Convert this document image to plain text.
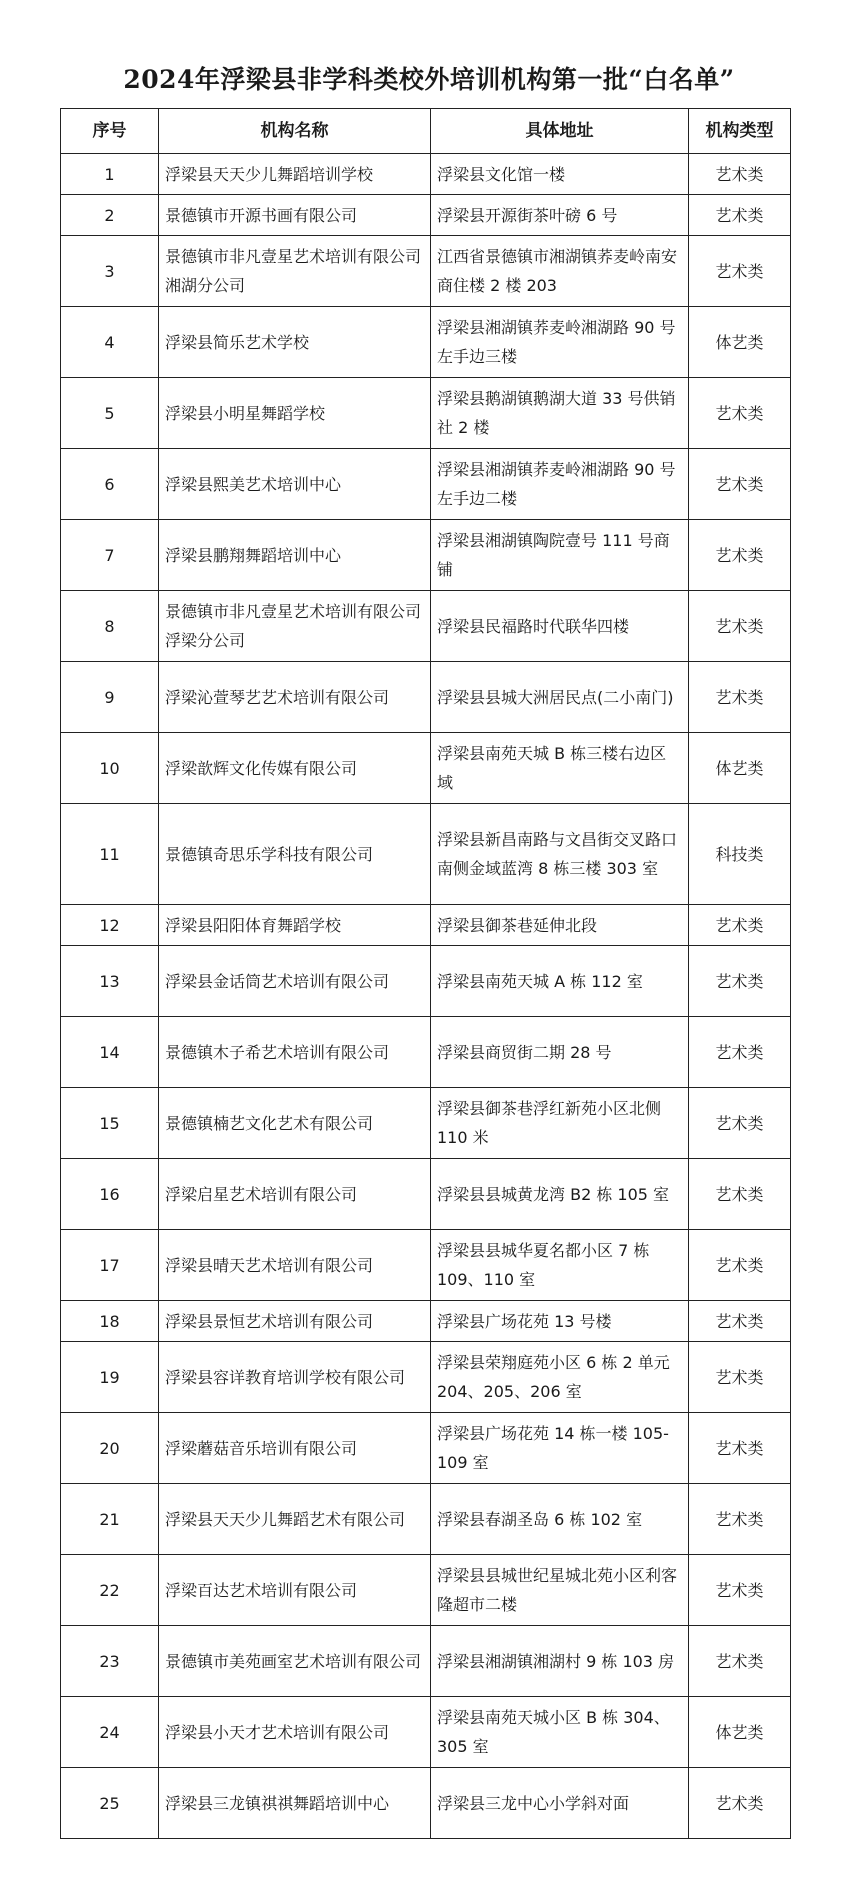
2024年浮梁县非学科类校外培训机构第一批“白名单”
序号	机构名称	具体地址	机构类型
1	浮梁县天天少儿舞蹈培训学校	浮梁县文化馆一楼	艺术类
2	景德镇市开源书画有限公司	浮梁县开源街茶叶磅 6 号	艺术类
3	景德镇市非凡壹星艺术培训有限公司湘湖分公司	江西省景德镇市湘湖镇荞麦岭南安商住楼 2 楼 203	艺术类
4	浮梁县简乐艺术学校	浮梁县湘湖镇荞麦岭湘湖路 90 号左手边三楼	体艺类
5	浮梁县小明星舞蹈学校	浮梁县鹅湖镇鹅湖大道 33 号供销社 2 楼	艺术类
6	浮梁县熙美艺术培训中心	浮梁县湘湖镇荞麦岭湘湖路 90 号左手边二楼	艺术类
7	浮梁县鹏翔舞蹈培训中心	浮梁县湘湖镇陶院壹号 111 号商铺	艺术类
8	景德镇市非凡壹星艺术培训有限公司浮梁分公司	浮梁县民福路时代联华四楼	艺术类
9	浮梁沁萱琴艺艺术培训有限公司	浮梁县县城大洲居民点(二小南门)	艺术类
10	浮梁歆辉文化传媒有限公司	浮梁县南苑天城 B 栋三楼右边区域	体艺类
11	景德镇奇思乐学科技有限公司	浮梁县新昌南路与文昌街交叉路口南侧金域蓝湾 8 栋三楼 303 室	科技类
12	浮梁县阳阳体育舞蹈学校	浮梁县御茶巷延伸北段	艺术类
13	浮梁县金话筒艺术培训有限公司	浮梁县南苑天城 A 栋 112 室	艺术类
14	景德镇木子希艺术培训有限公司	浮梁县商贸街二期 28 号	艺术类
15	景德镇楠艺文化艺术有限公司	浮梁县御茶巷浮红新苑小区北侧 110 米	艺术类
16	浮梁启星艺术培训有限公司	浮梁县县城黄龙湾 B2 栋 105 室	艺术类
17	浮梁县晴天艺术培训有限公司	浮梁县县城华夏名都小区 7 栋 109、110 室	艺术类
18	浮梁县景恒艺术培训有限公司	浮梁县广场花苑 13 号楼	艺术类
19	浮梁县容详教育培训学校有限公司	浮梁县荣翔庭苑小区 6 栋 2 单元 204、205、206 室	艺术类
20	浮梁蘑菇音乐培训有限公司	浮梁县广场花苑 14 栋一楼 105-109 室	艺术类
21	浮梁县天天少儿舞蹈艺术有限公司	浮梁县春湖圣岛 6 栋 102 室	艺术类
22	浮梁百达艺术培训有限公司	浮梁县县城世纪星城北苑小区利客隆超市二楼	艺术类
23	景德镇市美苑画室艺术培训有限公司	浮梁县湘湖镇湘湖村 9 栋 103 房	艺术类
24	浮梁县小天才艺术培训有限公司	浮梁县南苑天城小区 B 栋 304、305 室	体艺类
25	浮梁县三龙镇祺祺舞蹈培训中心	浮梁县三龙中心小学斜对面	艺术类
